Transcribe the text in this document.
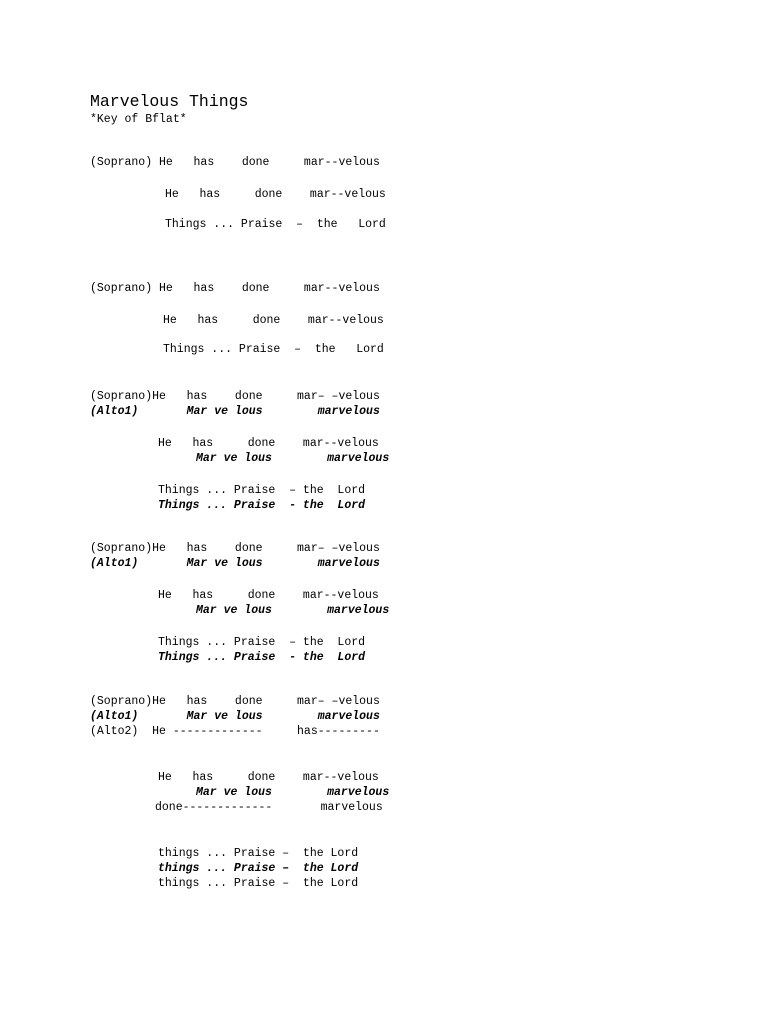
Marvelous Things
*Key of Bflat*
(Soprano) He   has    done     mar--velous
He   has     done    mar--velous
Things ... Praise  –  the   Lord
(Soprano) He   has    done     mar--velous
He   has     done    mar--velous
Things ... Praise  –  the   Lord
(Soprano)He   has    done     mar– –velous
(Alto1)       Mar ve lous        marvelous
He   has     done    mar--velous
Mar ve lous        marvelous
Things ... Praise  – the  Lord
Things ... Praise  - the  Lord
(Soprano)He   has    done     mar– –velous
(Alto1)       Mar ve lous        marvelous
He   has     done    mar--velous
Mar ve lous        marvelous
Things ... Praise  – the  Lord
Things ... Praise  - the  Lord
(Soprano)He   has    done     mar– –velous
(Alto1)       Mar ve lous        marvelous
(Alto2)  He -------------     has---------
He   has     done    mar--velous
Mar ve lous        marvelous
done-------------       marvelous
things ... Praise –  the Lord
things ... Praise –  the Lord
things ... Praise –  the Lord
